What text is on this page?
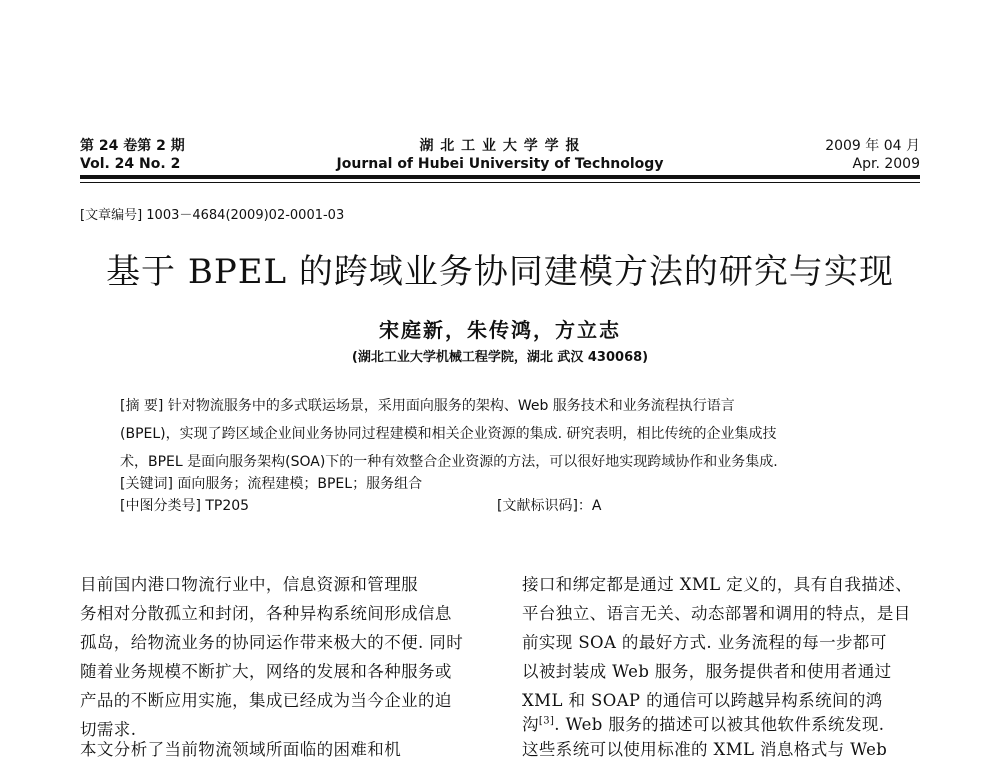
第 24 卷第 2 期	湖 北 工 业 大 学 学 报	2009 年 04 月
Vol. 24 No. 2	Journal of Hubei University of Technology	Apr. 2009
[文章编号] 1003－4684(2009)02-0001-03
基于 BPEL 的跨域业务协同建模方法的研究与实现
宋庭新，朱传鸿，方立志
(湖北工业大学机械工程学院，湖北 武汉 430068)
[摘 要] 针对物流服务中的多式联运场景，采用面向服务的架构、Web 服务技术和业务流程执行语言
(BPEL)，实现了跨区域企业间业务协同过程建模和相关企业资源的集成. 研究表明，相比传统的企业集成技
术，BPEL 是面向服务架构(SOA)下的一种有效整合企业资源的方法，可以很好地实现跨域协作和业务集成.
[关键词] 面向服务；流程建模；BPEL；服务组合
[中图分类号] TP205	[文献标识码]：A
目前国内港口物流行业中，信息资源和管理服
务相对分散孤立和封闭，各种异构系统间形成信息
孤岛，给物流业务的协同运作带来极大的不便. 同时
随着业务规模不断扩大，网络的发展和各种服务或
产品的不断应用实施，集成已经成为当今企业的迫
切需求.
本文分析了当前物流领域所面临的困难和机
接口和绑定都是通过 XML 定义的，具有自我描述、
平台独立、语言无关、动态部署和调用的特点，是目
前实现 SOA 的最好方式. 业务流程的每一步都可
以被封装成 Web 服务，服务提供者和使用者通过
XML 和 SOAP 的通信可以跨越异构系统间的鸿
沟[3]. Web 服务的描述可以被其他软件系统发现.
这些系统可以使用标准的 XML 消息格式与 Web
